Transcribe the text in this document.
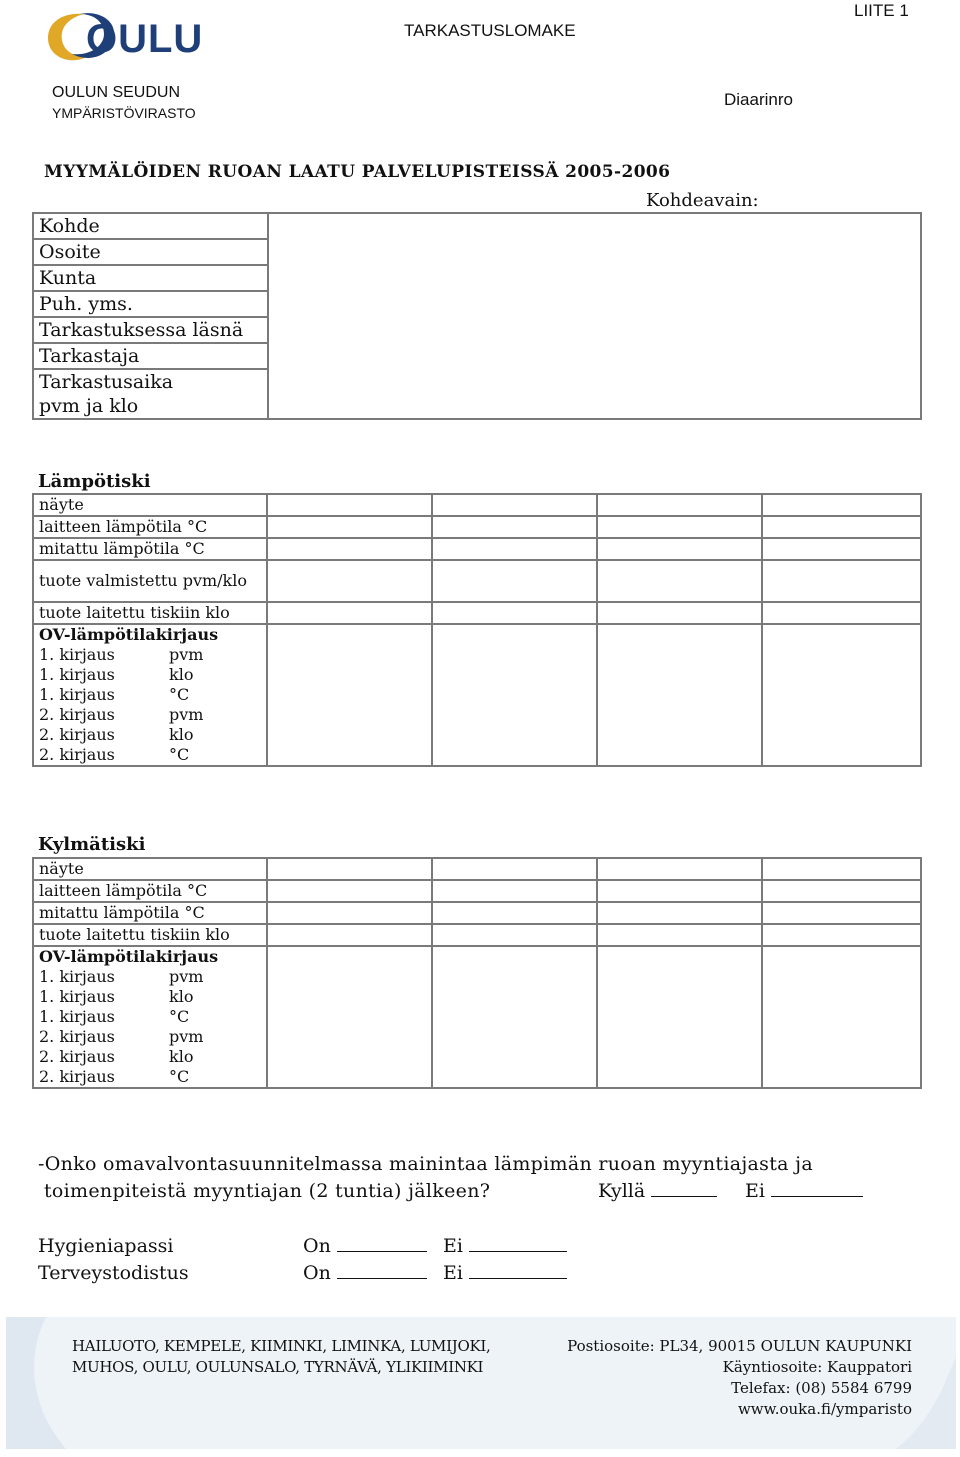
OULU
OULUN SEUDUN
YMPÄRISTÖVIRASTO
TARKASTUSLOMAKE
LIITE 1
Diaarinro
MYYMÄLÖIDEN RUOAN LAATU PALVELUPISTEISSÄ 2005-2006
Kohdeavain:
Kohde	
Osoite	
Kunta	
Puh. yms.	
Tarkastuksessa läsnä	
Tarkastaja	
Tarkastusaika	
pvm ja klo	
Lämpötiski
näyte				
laitteen lämpötila °C				
mitattu lämpötila °C				
tuote valmistettu pvm/klo				
tuote laitettu tiskiin klo				
OV-lämpötilakirjaus				
1. kirjaus pvm				
1. kirjaus klo				
1. kirjaus °C				
2. kirjaus pvm				
2. kirjaus klo				
2. kirjaus °C				
Kylmätiski
näyte				
laitteen lämpötila °C				
mitattu lämpötila °C				
tuote laitettu tiskiin klo				
OV-lämpötilakirjaus				
1. kirjaus pvm				
1. kirjaus klo				
1. kirjaus °C				
2. kirjaus pvm				
2. kirjaus klo				
2. kirjaus °C				
-Onko omavalvontasuunnitelmassa mainintaa lämpimän ruoan myyntiajasta ja
toimenpiteistä myyntiajan (2 tuntia) jälkeen?	Kyllä	Ei
Hygieniapassi
Terveystodistus
On	Ei
On	Ei
HAILUOTO, KEMPELE, KIIMINKI, LIMINKA, LUMIJOKI,
MUHOS, OULU, OULUNSALO, TYRNÄVÄ, YLIKIIMINKI
Postiosoite: PL34, 90015 OULUN KAUPUNKI
Käyntiosoite: Kauppatori
Telefax: (08) 5584 6799
www.ouka.fi/ymparisto
